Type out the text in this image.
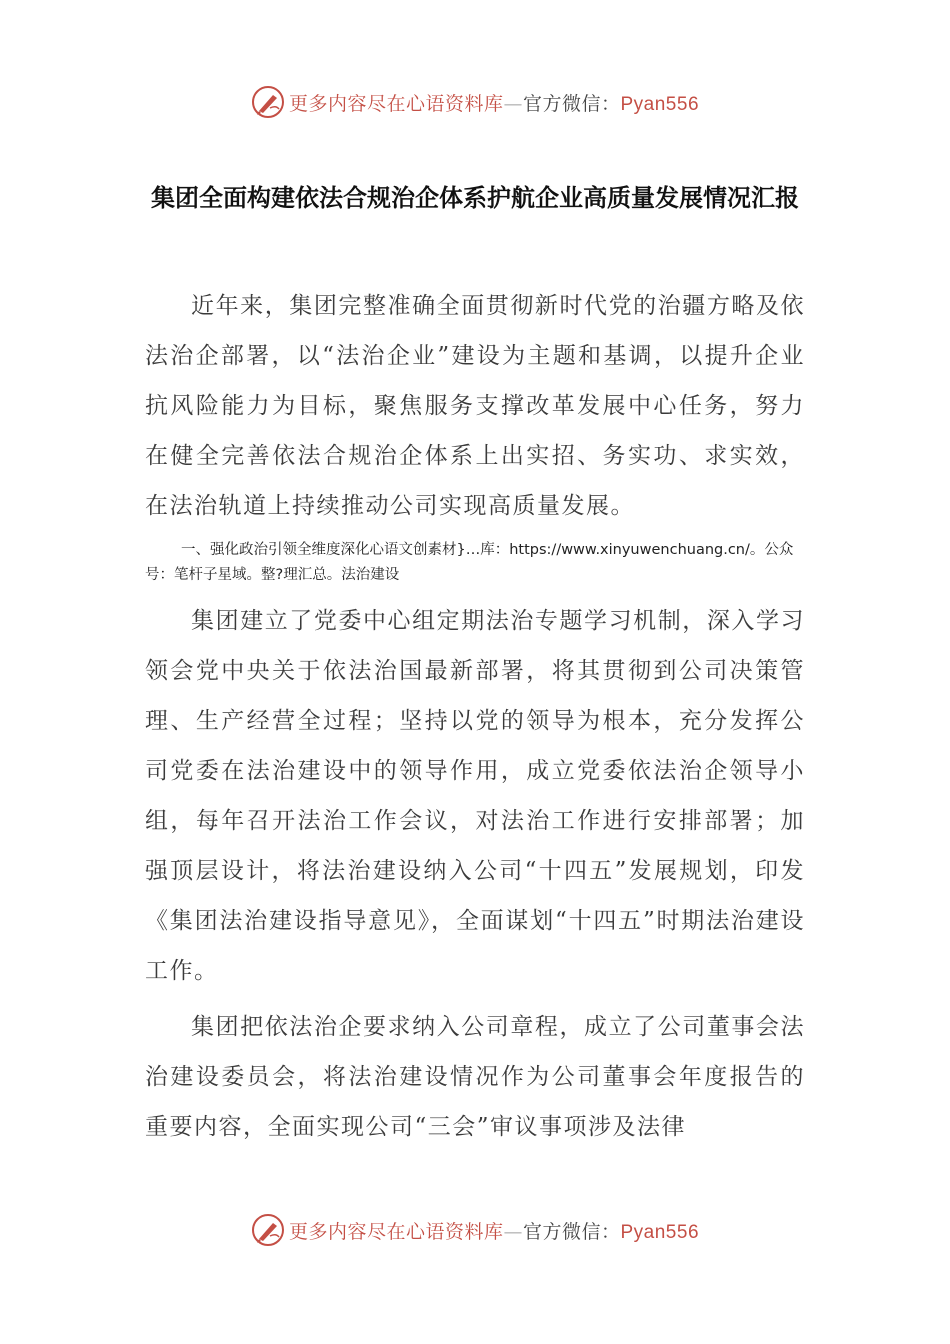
更多内容尽在心语资料库—官方微信：Pyan556
集团全面构建依法合规治企体系护航企业高质量发展情况汇报

近年来，集团完整准确全面贯彻新时代党的治疆方略及依法治企部署，以“法治企业”建设为主题和基调，以提升企业抗风险能力为目标，聚焦服务支撑改革发展中心任务，努力在健全完善依法合规治企体系上出实招、务实功、求实效，在法治轨道上持续推动公司实现高质量发展。

一、强化政治引领全维度深化心语文创素材}…库：https://www.xinyuwenchuang.cn/。公众号：笔杆子星域。整?理汇总。法治建设

集团建立了党委中心组定期法治专题学习机制，深入学习领会党中央关于依法治国最新部署，将其贯彻到公司决策管理、生产经营全过程；坚持以党的领导为根本，充分发挥公司党委在法治建设中的领导作用，成立党委依法治企领导小组，每年召开法治工作会议，对法治工作进行安排部署；加强顶层设计，将法治建设纳入公司“十四五”发展规划，印发《集团法治建设指导意见》，全面谋划“十四五”时期法治建设工作。

集团把依法治企要求纳入公司章程，成立了公司董事会法治建设委员会，将法治建设情况作为公司董事会年度报告的重要内容，全面实现公司“三会”审议事项涉及法律

更多内容尽在心语资料库—官方微信：Pyan556
